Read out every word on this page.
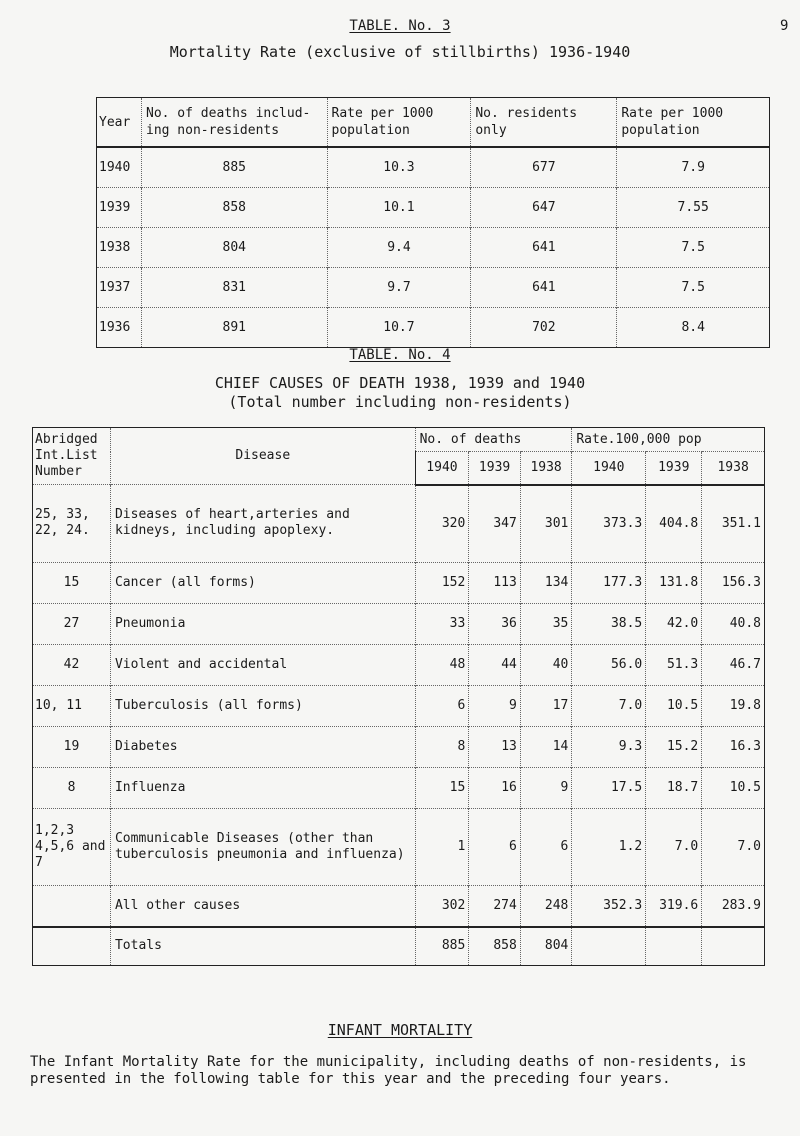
9
TABLE. No. 3
Mortality Rate (exclusive of stillbirths) 1936-1940
Year	No. of deaths includ- ing non-residents	Rate per 1000 population	No. residents only	Rate per 1000 population
1940	885	10.3	677	7.9
1939	858	10.1	647	7.55
1938	804	9.4	641	7.5
1937	831	9.7	641	7.5
1936	891	10.7	702	8.4
TABLE. No. 4
CHIEF CAUSES OF DEATH 1938, 1939 and 1940
(Total number including non-residents)
Abridged Int.List Number	Disease	No. of deaths			Rate.100,000 pop		
		1940	1939	1938	1940	1939	1938
25, 33, 22, 24.	Diseases of heart,arteries and kidneys, including apoplexy.	320	347	301	373.3	404.8	351.1
15	Cancer (all forms)	152	113	134	177.3	131.8	156.3
27	Pneumonia	33	36	35	38.5	42.0	40.8
42	Violent and accidental	48	44	40	56.0	51.3	46.7
10, 11	Tuberculosis (all forms)	6	9	17	7.0	10.5	19.8
19	Diabetes	8	13	14	9.3	15.2	16.3
8	Influenza	15	16	9	17.5	18.7	10.5
1,2,3 4,5,6 and 7	Communicable Diseases (other than tuberculosis pneumonia and influenza)	1	6	6	1.2	7.0	7.0
	All other causes	302	274	248	352.3	319.6	283.9
	Totals	885	858	804			
INFANT MORTALITY
The Infant Mortality Rate for the municipality, including deaths of non-residents, is presented in the following table for this year and the preceding four years.
